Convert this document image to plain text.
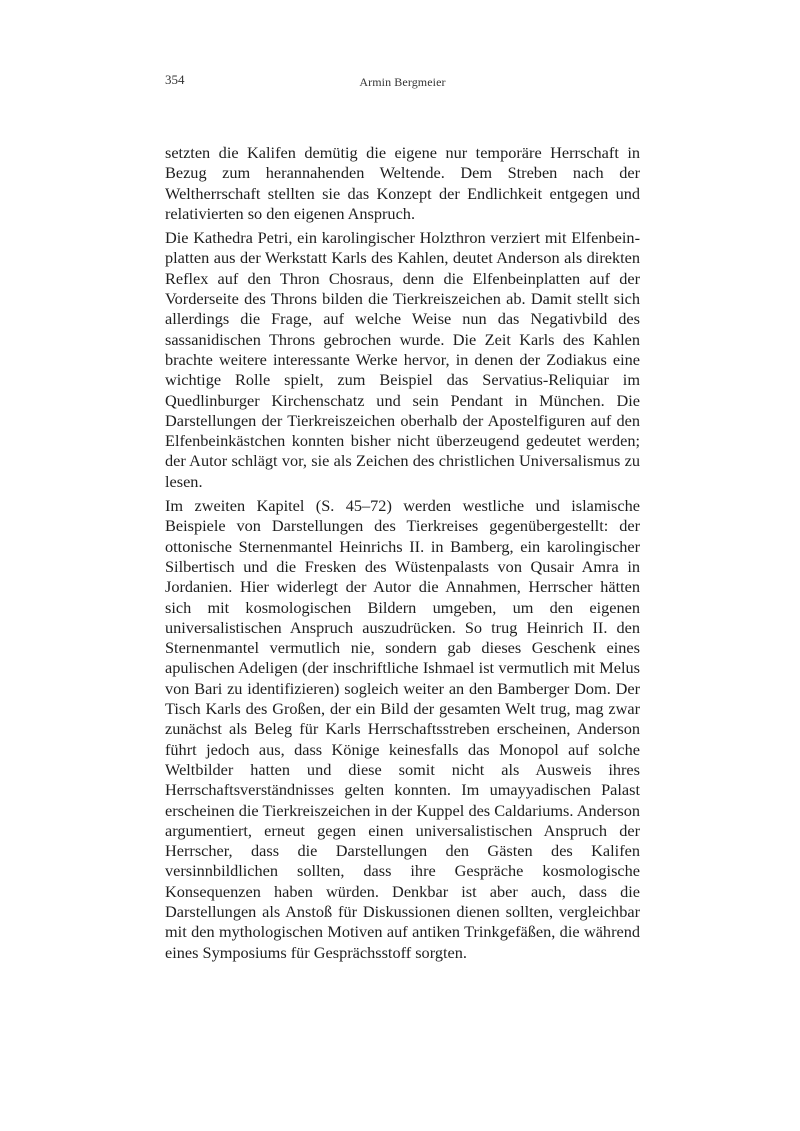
354	Armin Bergmeier

setzten die Kalifen demütig die eigene nur temporäre Herrschaft in Bezug zum herannahenden Weltende. Dem Streben nach der Weltherrschaft stellten sie das Konzept der Endlichkeit entgegen und relativierten so den eigenen Anspruch.

Die Kathedra Petri, ein karolingischer Holzthron verziert mit Elfenbeinplatten aus der Werkstatt Karls des Kahlen, deutet Anderson als direkten Reflex auf den Thron Chosraus, denn die Elfenbeinplatten auf der Vorderseite des Throns bilden die Tierkreiszeichen ab. Damit stellt sich allerdings die Frage, auf welche Weise nun das Negativbild des sassanidischen Throns gebrochen wurde. Die Zeit Karls des Kahlen brachte weitere interessante Werke hervor, in denen der Zodiakus eine wichtige Rolle spielt, zum Beispiel das Servatius-Reliquiar im Quedlinburger Kirchenschatz und sein Pendant in München. Die Darstellungen der Tierkreiszeichen oberhalb der Apostelfiguren auf den Elfenbeinkästchen konnten bisher nicht überzeugend gedeutet werden; der Autor schlägt vor, sie als Zeichen des christlichen Universalismus zu lesen.

Im zweiten Kapitel (S. 45–72) werden westliche und islamische Beispiele von Darstellungen des Tierkreises gegenübergestellt: der ottonische Sternenmantel Heinrichs II. in Bamberg, ein karolingischer Silbertisch und die Fresken des Wüstenpalasts von Qusair Amra in Jordanien. Hier widerlegt der Autor die Annahmen, Herrscher hätten sich mit kosmologischen Bildern umgeben, um den eigenen universalistischen Anspruch auszudrücken. So trug Heinrich II. den Sternenmantel vermutlich nie, sondern gab dieses Geschenk eines apulischen Adeligen (der inschriftliche Ishmael ist vermutlich mit Melus von Bari zu identifizieren) sogleich weiter an den Bamberger Dom. Der Tisch Karls des Großen, der ein Bild der gesamten Welt trug, mag zwar zunächst als Beleg für Karls Herrschaftsstreben erscheinen, Anderson führt jedoch aus, dass Könige keinesfalls das Monopol auf solche Weltbilder hatten und diese somit nicht als Ausweis ihres Herrschaftsverständnisses gelten konnten. Im umayyadischen Palast erscheinen die Tierkreiszeichen in der Kuppel des Caldariums. Anderson argumentiert, erneut gegen einen universalistischen Anspruch der Herrscher, dass die Darstellungen den Gästen des Kalifen versinnbildlichen sollten, dass ihre Gespräche kosmologische Konsequenzen haben würden. Denkbar ist aber auch, dass die Darstellungen als Anstoß für Diskussionen dienen sollten, vergleichbar mit den mythologischen Motiven auf antiken Trinkgefäßen, die während eines Symposiums für Gesprächsstoff sorgten.
